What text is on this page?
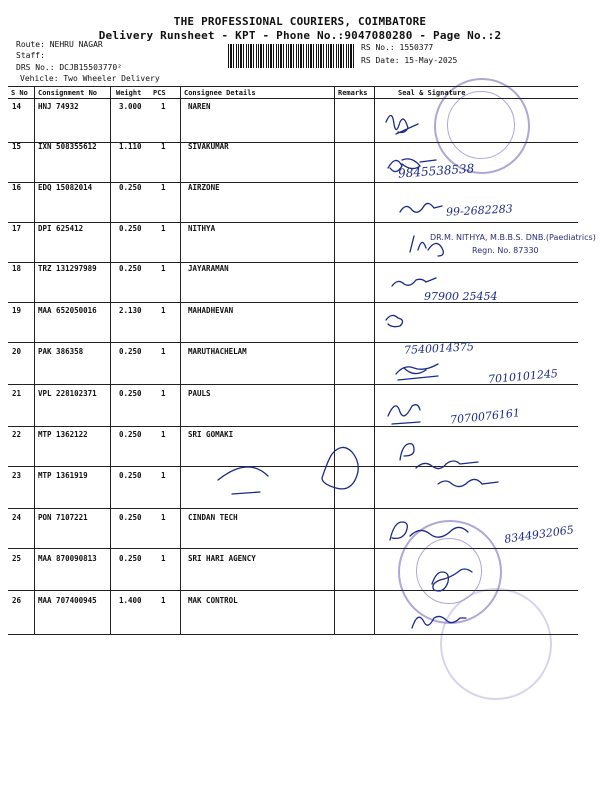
THE PROFESSIONAL COURIERS, COIMBATORE
Delivery Runsheet - KPT - Phone No.:9047080280 - Page No.:2
Route: NEHRU NAGAR
Staff:
DRS No.: DCJB15503770²
Vehicle: Two Wheeler Delivery
RS No.: 1550377
RS Date: 15-May-2025
S No Consignment No	Weight PCS	Consignee Details	Remarks	Seal & Signature
14 HNJ 74932	3.000	1	NAREN
15 IXN 508355612	1.110	1	SIVAKUMAR
16 EDQ 15082014	0.250	1	AIRZONE
17 DPI 625412	0.250	1	NITHYA
18 TRZ 131297989	0.250	1	JAYARAMAN
19 MAA 652050016	2.130	1	MAHADHEVAN
20 PAK 386358	0.250	1	MARUTHACHELAM
21 VPL 228102371	0.250	1	PAULS
22 MTP 1362122	0.250	1	SRI GOMAKI
23 MTP 1361919	0.250	1
24 PON 7107221	0.250	1	CINDAN TECH
25 MAA 870090813	0.250	1	SRI HARI AGENCY
26 MAA 707400945	1.400	1	MAK CONTROL
9845538538
99-2682283
DR.M. NITHYA, M.B.B.S. DNB.(Paediatrics)
Regn. No. 87330
97900 25454
7540014375
7010101245
7070076161
8344932065
